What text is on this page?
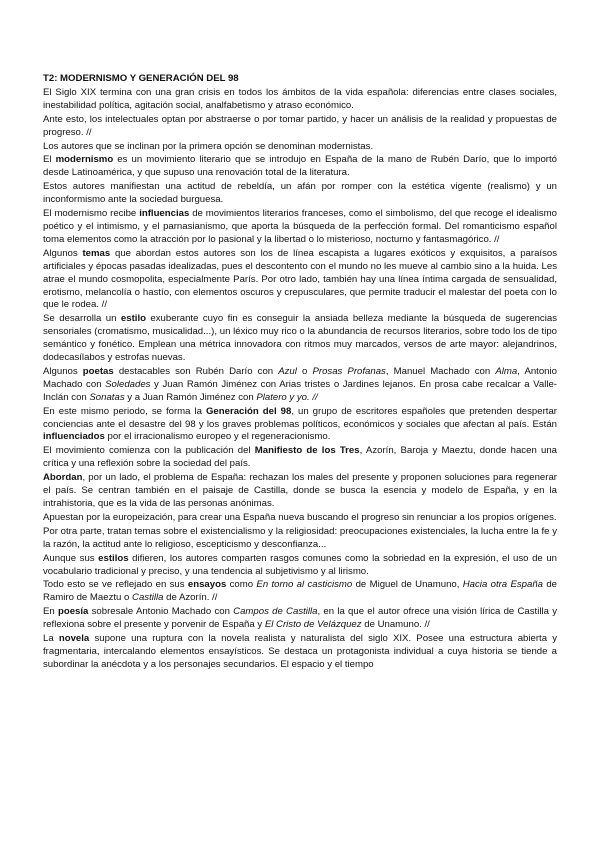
T2: MODERNISMO Y GENERACIÓN DEL 98
El Siglo XIX termina con una gran crisis en todos los ámbitos de la vida española: diferencias entre clases sociales, inestabilidad política, agitación social, analfabetismo y atraso económico.
Ante esto, los intelectuales optan por abstraerse o por tomar partido, y hacer un análisis de la realidad y propuestas de progreso. //
Los autores que se inclinan por la primera opción se denominan modernistas.
El modernismo es un movimiento literario que se introdujo en España de la mano de Rubén Darío, que lo importó desde Latinoamérica, y que supuso una renovación total de la literatura.
Estos autores manifiestan una actitud de rebeldía, un afán por romper con la estética vigente (realismo) y un inconformismo ante la sociedad burguesa.
El modernismo recibe influencias de movimientos literarios franceses, como el simbolismo, del que recoge el idealismo poético y el intimismo, y el parnasianismo, que aporta la búsqueda de la perfección formal. Del romanticismo español toma elementos como la atracción por lo pasional y la libertad o lo misterioso, nocturno y fantasmagórico. //
Algunos temas que abordan estos autores son los de línea escapista a lugares exóticos y exquisitos, a paraísos artificiales y épocas pasadas idealizadas, pues el descontento con el mundo no les mueve al cambio sino a la huida. Les atrae el mundo cosmopolita, especialmente París. Por otro lado, también hay una línea íntima cargada de sensualidad, erotismo, melancolía o hastío, con elementos oscuros y crepusculares, que permite traducir el malestar del poeta con lo que le rodea. //
Se desarrolla un estilo exuberante cuyo fin es conseguir la ansiada belleza mediante la búsqueda de sugerencias sensoriales (cromatismo, musicalidad...), un léxico muy rico o la abundancia de recursos literarios, sobre todo los de tipo semántico y fonético. Emplean una métrica innovadora con ritmos muy marcados, versos de arte mayor: alejandrinos, dodecasílabos y estrofas nuevas.
Algunos poetas destacables son Rubén Darío con Azul o Prosas Profanas, Manuel Machado con Alma, Antonio Machado con Soledades y Juan Ramón Jiménez con Arias tristes o Jardines lejanos. En prosa cabe recalcar a Valle-Inclán con Sonatas y a Juan Ramón Jiménez con Platero y yo. //
En este mismo periodo, se forma la Generación del 98, un grupo de escritores españoles que pretenden despertar conciencias ante el desastre del 98 y los graves problemas políticos, económicos y sociales que afectan al país. Están influenciados por el irracionalismo europeo y el regeneracionismo.
El movimiento comienza con la publicación del Manifiesto de los Tres, Azorín, Baroja y Maeztu, donde hacen una crítica y una reflexión sobre la sociedad del país.
Abordan, por un lado, el problema de España: rechazan los males del presente y proponen soluciones para regenerar el país. Se centran también en el paisaje de Castilla, donde se busca la esencia y modelo de España, y en la intrahistoria, que es la vida de las personas anónimas.
Apuestan por la europeización, para crear una España nueva buscando el progreso sin renunciar a los propios orígenes.
Por otra parte, tratan temas sobre el existencialismo y la religiosidad: preocupaciones existenciales, la lucha entre la fe y la razón, la actitud ante lo religioso, escepticismo y desconfianza...
Aunque sus estilos difieren, los autores comparten rasgos comunes como la sobriedad en la expresión, el uso de un vocabulario tradicional y preciso, y una tendencia al subjetivismo y al lirismo.
Todo esto se ve reflejado en sus ensayos como En torno al casticismo de Miguel de Unamuno, Hacia otra España de Ramiro de Maeztu o Castilla de Azorín. //
En poesía sobresale Antonio Machado con Campos de Castilla, en la que el autor ofrece una visión lírica de Castilla y reflexiona sobre el presente y porvenir de España y El Cristo de Velázquez de Unamuno. //
La novela supone una ruptura con la novela realista y naturalista del siglo XIX. Posee una estructura abierta y fragmentaria, intercalando elementos ensayísticos. Se destaca un protagonista individual a cuya historia se tiende a subordinar la anécdota y a los personajes secundarios. El espacio y el tiempo
